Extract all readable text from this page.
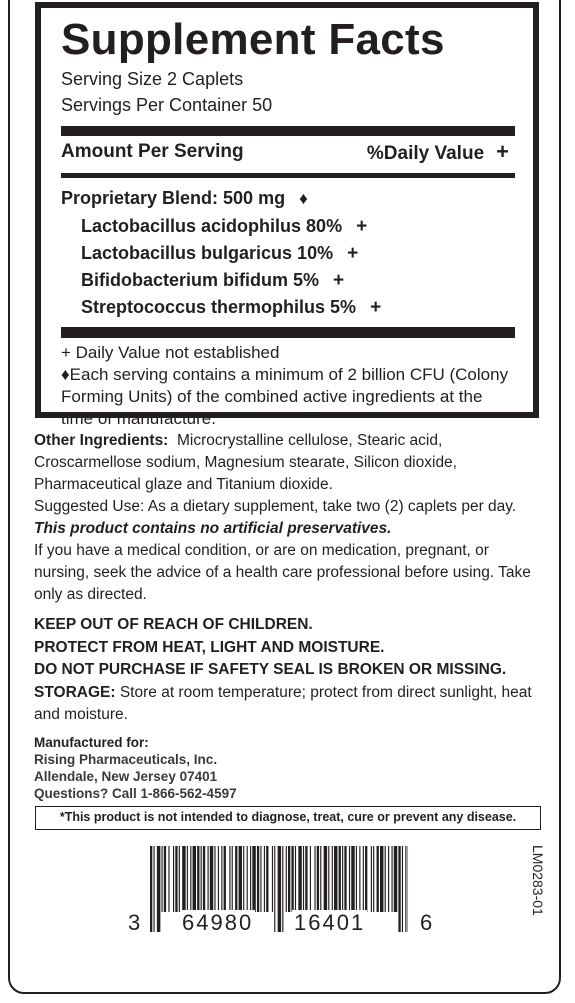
Supplement Facts
Serving Size 2 Caplets
Servings Per Container 50
Amount Per Serving	%Daily Value +
Proprietary Blend: 500 mg ♦
Lactobacillus acidophilus 80% +
Lactobacillus bulgaricus 10% +
Bifidobacterium bifidum 5% +
Streptococcus thermophilus 5% +
+ Daily Value not established
♦Each serving contains a minimum of 2 billion CFU (Colony Forming Units) of the combined active ingredients at the time of manufacture.
Other Ingredients: Microcrystalline cellulose, Stearic acid, Croscarmellose sodium, Magnesium stearate, Silicon dioxide, Pharmaceutical glaze and Titanium dioxide.
Suggested Use: As a dietary supplement, take two (2) caplets per day.
This product contains no artificial preservatives.
If you have a medical condition, or are on medication, pregnant, or nursing, seek the advice of a health care professional before using. Take only as directed.
KEEP OUT OF REACH OF CHILDREN.
PROTECT FROM HEAT, LIGHT AND MOISTURE.
DO NOT PURCHASE IF SAFETY SEAL IS BROKEN OR MISSING.
STORAGE: Store at room temperature; protect from direct sunlight, heat and moisture.
Manufactured for:
Rising Pharmaceuticals, Inc.
Allendale, New Jersey 07401
Questions? Call 1-866-562-4597
*This product is not intended to diagnose, treat, cure or prevent any disease.
3 64980 16401 6
LM0283-01
